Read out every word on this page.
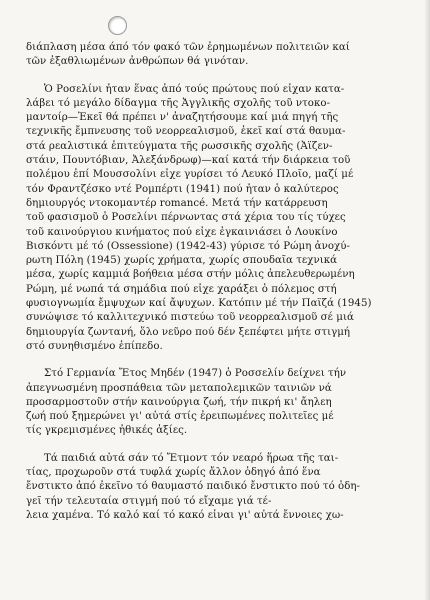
διάπλαση μέσα άπό τόν φακό τῶν ἐρημωμένων πολιτειῶν καί
τῶν ἐξαθλιωμένων ἀνθρώπων θά γινόταν.

Ὁ Ροσελίνι ἦταν ἕνας ἀπό τούς πρώτους πού εἶχαν κατα-
λάβει τό μεγάλο δίδαγμα τῆς Ἀγγλικῆς σχολῆς τοῦ ντοκο-
μαντοίρ—Ἐκεῖ θά πρέπει ν' ἀναζητήσουμε καί μιά πηγή τῆς
τεχνικῆς ἔμπνευσης τοῦ νεορρεαλισμοῦ, ἐκεῖ καί στά θαυμα-
στά ρεαλιστικά ἐπιτεύγματα τῆς ρωσσικῆς σχολῆς (Ἀϊζεν-
στάιν, Πουντόβιαν, Ἀλεξάνδρωφ)—καί κατά τήν διάρκεια τοῦ
πολέμου ἐπί Μουσσολίνι εἶχε γυρίσει τό Λευκό Πλοῖο, μαζί μέ
τόν Φραντζέσκο ντέ Ρομπέρτι (1941) πού ἦταν ὁ καλύτερος
δημιουργός ντοκομαντέρ romancé. Μετά τήν κατάρρευση
τοῦ φασισμοῦ ὁ Ροσελίνι πέρνωντας στά χέρια του τίς τύχες
τοῦ καινούργιου κινήματος πού εἶχε ἐγκαινιάσει ὁ Λουκίνο
Βισκόντι μέ τό (Ossessione) (1942-43) γύρισε τό Ρώμη ἀνοχύ-
ρωτη Πόλη (1945) χωρίς χρήματα, χωρίς σπουδαῖα τεχνικά
μέσα, χωρίς καμμιά βοήθεια μέσα στήν μόλις ἀπελευθερωμένη
Ρώμη, μέ νωπά τά σημάδια πού εἶχε χαράξει ὁ πόλεμος στή
φυσιογνωμία ἔμψυχων καί ἄψυχων. Κατόπιν μέ τήν Παϊζά (1945)
συνώψισε τό καλλιτεχνικό πιστεύω τοῦ νεορρεαλισμοῦ σέ μιά
δημιουργία ζωντανή, ὅλο νεῦρο πού δέν ξεπέφτει μήτε στιγμή
στό συνηθισμένο ἐπίπεδο.

Στό Γερμανία Ἔτος Μηδέν (1947) ὁ Ροσσελίν δείχνει τήν
ἀπεγνωσμένη προσπάθεια τῶν μεταπολεμικῶν ταινιῶν νά
προσαρμοστοῦν στήν καινούργια ζωή, τήν πικρή κι' ἄηλεη
ζωή πού ξημερώνει γι' αὐτά στίς ἐρειπωμένες πολιτεῖες μέ
τίς γκρεμισμένες ἠθικές ἀξίες.

Τά παιδιά αὐτά σάν τό Ἔτμοντ τόν νεαρό ἥρωα τῆς ται-
τίας, προχωροῦν στά τυφλά χωρίς ἄλλον ὁδηγό ἀπό ἕνα
ἔνστικτο ἀπό ἐκεῖνο τό θαυμαστό παιδικό ἔνστικτο πού τό ὁδη-
γεῖ τήν τελευταία στιγμή πού τό εἴχαμε γιά τέ-
λεια χαμένα. Τό καλό καί τό κακό εἶναι γι' αὐτά ἔννοιες χω-
